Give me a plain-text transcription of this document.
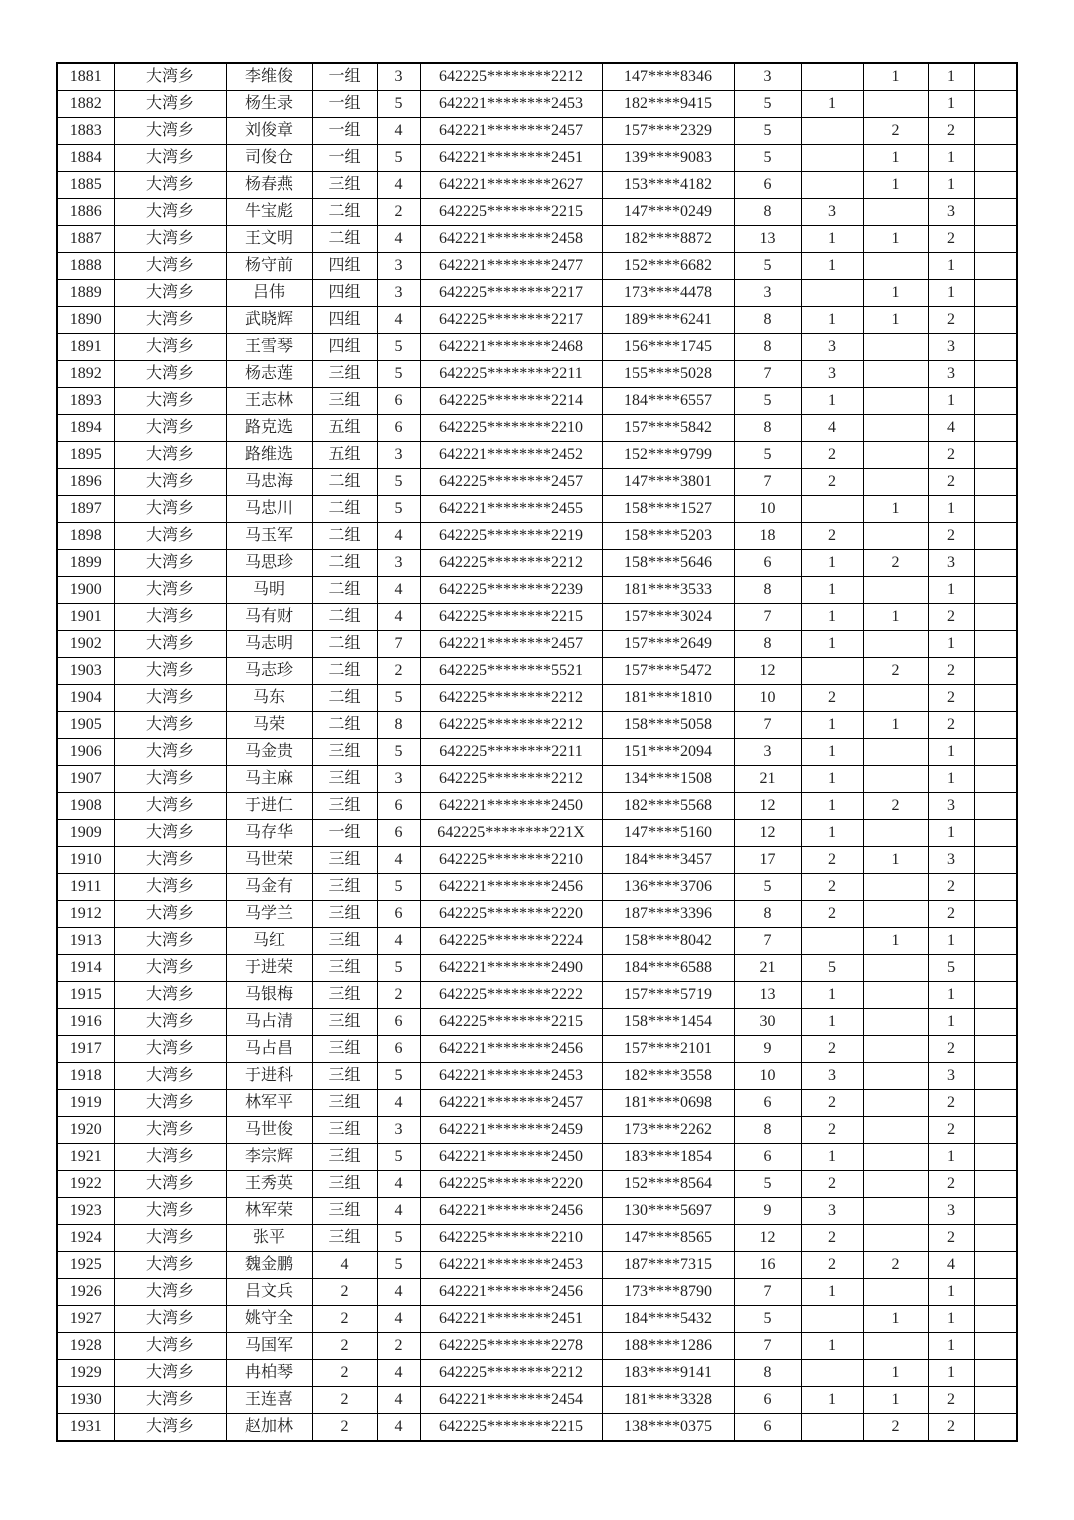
1881	大湾乡	李维俊	一组	3	642225********2212	147****8346	3		1	1	
1882	大湾乡	杨生录	一组	5	642221********2453	182****9415	5	1		1	
1883	大湾乡	刘俊章	一组	4	642221********2457	157****2329	5		2	2	
1884	大湾乡	司俊仓	一组	5	642221********2451	139****9083	5		1	1	
1885	大湾乡	杨春燕	三组	4	642221********2627	153****4182	6		1	1	
1886	大湾乡	牛宝彪	二组	2	642225********2215	147****0249	8	3		3	
1887	大湾乡	王文明	二组	4	642221********2458	182****8872	13	1	1	2	
1888	大湾乡	杨守前	四组	3	642221********2477	152****6682	5	1		1	
1889	大湾乡	吕伟	四组	3	642225********2217	173****4478	3		1	1	
1890	大湾乡	武晓辉	四组	4	642225********2217	189****6241	8	1	1	2	
1891	大湾乡	王雪琴	四组	5	642221********2468	156****1745	8	3		3	
1892	大湾乡	杨志莲	三组	5	642225********2211	155****5028	7	3		3	
1893	大湾乡	王志林	三组	6	642225********2214	184****6557	5	1		1	
1894	大湾乡	路克选	五组	6	642225********2210	157****5842	8	4		4	
1895	大湾乡	路维选	五组	3	642221********2452	152****9799	5	2		2	
1896	大湾乡	马忠海	二组	5	642225********2457	147****3801	7	2		2	
1897	大湾乡	马忠川	二组	5	642221********2455	158****1527	10		1	1	
1898	大湾乡	马玉军	二组	4	642225********2219	158****5203	18	2		2	
1899	大湾乡	马思珍	二组	3	642225********2212	158****5646	6	1	2	3	
1900	大湾乡	马明	二组	4	642225********2239	181****3533	8	1		1	
1901	大湾乡	马有财	二组	4	642225********2215	157****3024	7	1	1	2	
1902	大湾乡	马志明	二组	7	642221********2457	157****2649	8	1		1	
1903	大湾乡	马志珍	二组	2	642225********5521	157****5472	12		2	2	
1904	大湾乡	马东	二组	5	642225********2212	181****1810	10	2		2	
1905	大湾乡	马荣	二组	8	642225********2212	158****5058	7	1	1	2	
1906	大湾乡	马金贵	三组	5	642225********2211	151****2094	3	1		1	
1907	大湾乡	马主麻	三组	3	642225********2212	134****1508	21	1		1	
1908	大湾乡	于进仁	三组	6	642221********2450	182****5568	12	1	2	3	
1909	大湾乡	马存华	一组	6	642225********221X	147****5160	12	1		1	
1910	大湾乡	马世荣	三组	4	642225********2210	184****3457	17	2	1	3	
1911	大湾乡	马金有	三组	5	642221********2456	136****3706	5	2		2	
1912	大湾乡	马学兰	三组	6	642225********2220	187****3396	8	2		2	
1913	大湾乡	马红	三组	4	642225********2224	158****8042	7		1	1	
1914	大湾乡	于进荣	三组	5	642221********2490	184****6588	21	5		5	
1915	大湾乡	马银梅	三组	2	642225********2222	157****5719	13	1		1	
1916	大湾乡	马占清	三组	6	642225********2215	158****1454	30	1		1	
1917	大湾乡	马占昌	三组	6	642221********2456	157****2101	9	2		2	
1918	大湾乡	于进科	三组	5	642221********2453	182****3558	10	3		3	
1919	大湾乡	林军平	三组	4	642221********2457	181****0698	6	2		2	
1920	大湾乡	马世俊	三组	3	642221********2459	173****2262	8	2		2	
1921	大湾乡	李宗辉	三组	5	642221********2450	183****1854	6	1		1	
1922	大湾乡	王秀英	三组	4	642225********2220	152****8564	5	2		2	
1923	大湾乡	林军荣	三组	4	642221********2456	130****5697	9	3		3	
1924	大湾乡	张平	三组	5	642225********2210	147****8565	12	2		2	
1925	大湾乡	魏金鹏	4	5	642221********2453	187****7315	16	2	2	4	
1926	大湾乡	吕文兵	2	4	642221********2456	173****8790	7	1		1	
1927	大湾乡	姚守全	2	4	642221********2451	184****5432	5		1	1	
1928	大湾乡	马国军	2	2	642225********2278	188****1286	7	1		1	
1929	大湾乡	冉柏琴	2	4	642225********2212	183****9141	8		1	1	
1930	大湾乡	王连喜	2	4	642221********2454	181****3328	6	1	1	2	
1931	大湾乡	赵加林	2	4	642225********2215	138****0375	6		2	2	
